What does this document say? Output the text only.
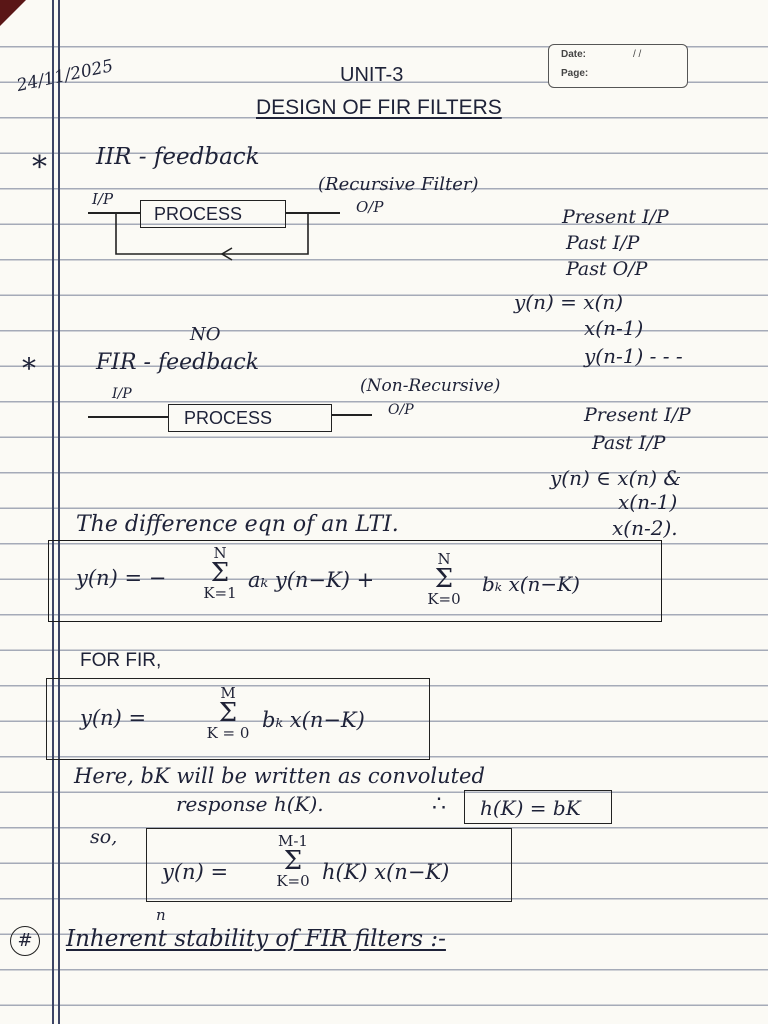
24/11/2025
Date:	/ /
Page:
UNIT-3
DESIGN OF FIR FILTERS
* IIR - feedback
(Recursive Filter)
I/P
PROCESS	O/P	Present I/P
Past I/P
Past O/P
y(n) = x(n)
x(n-1)
y(n-1) - - -
NO
*	FIR - feedback
(Non-Recursive)
I/P
PROCESS	O/P	Present I/P
Past I/P
y(n) ∈ x(n) &
x(n-1)
x(n-2).
The difference eqn of an LTI.
y(n) = −
N
Σ
K=1
aₖ y(n−K) +
N
Σ
K=0
bₖ x(n−K)
FOR FIR,
y(n) =
M
Σ
K = 0
bₖ x(n−K)
Here, bK will be written as convoluted
response h(K).	∴ h(K) = bK
so,
y(n) =
M-1
Σ
K=0 h(K) x(n−K)
#
n
Inherent stability of FIR filters :-
